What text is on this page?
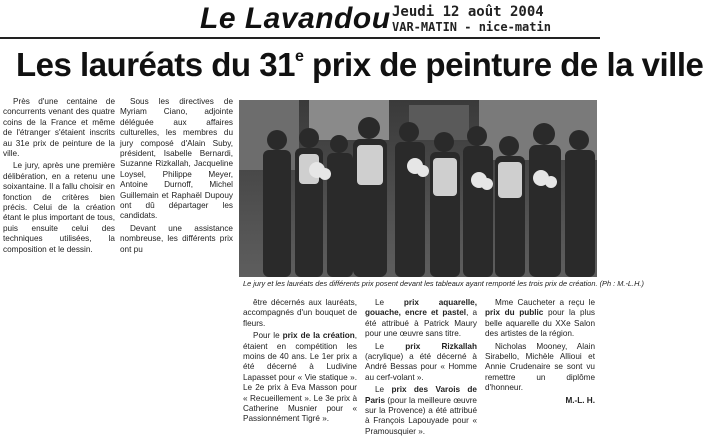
Le Lavandou Jeudi 12 août 2004
VAR-MATIN - nice-matin
Les lauréats du 31e prix de peinture de la ville

Près d'une centaine de concurrents venant des quatre coins de la France et même de l'étranger s'étaient inscrits au 31e prix de peinture de la ville.

Le jury, après une première délibération, en a retenu une soixantaine. Il a fallu choisir en fonction de critères bien précis. Celui de la création étant le plus important de tous, puis ensuite celui des techniques utilisées, la composition et le dessin.

Sous les directives de Myriam Ciano, adjointe déléguée aux affaires culturelles, les membres du jury composé d'Alain Suby, président, Isabelle Bernardi, Suzanne Rizkallah, Jacqueline Loysel, Philippe Meyer, Antoine Durnoff, Michel Guillemain et Raphaël Dupouy ont dû départager les candidats.

Devant une assistance nombreuse, les différents prix ont pu

Le jury et les lauréats des différents prix posent devant les tableaux ayant remporté les trois prix de création. (Ph : M.-L.H.)

être décernés aux lauréats, accompagnés d'un bouquet de fleurs.

Pour le prix de la création, étaient en compétition les moins de 40 ans. Le 1er prix a été décerné à Ludivine Lapasset pour « Vie statique ». Le 2e prix à Eva Masson pour « Recueillement ». Le 3e prix à Catherine Musnier pour « Passionnément Tigré ».

Le prix aquarelle, gouache, encre et pastel, a été attribué à Patrick Maury pour une œuvre sans titre.

Le prix Rizkallah (acrylique) a été décerné à André Bessas pour « Homme au cerf-volant ».

Le prix des Varois de Paris (pour la meilleure œuvre sur la Provence) a été attribué à François Lapouyade pour « Pramousquier ».

Mme Caucheter a reçu le prix du public pour la plus belle aquarelle du XXe Salon des artistes de la région.

Nicholas Mooney, Alain Sirabello, Michèle Allioui et Annie Crudenaire se sont vu remettre un diplôme d'honneur.

M.-L. H.
